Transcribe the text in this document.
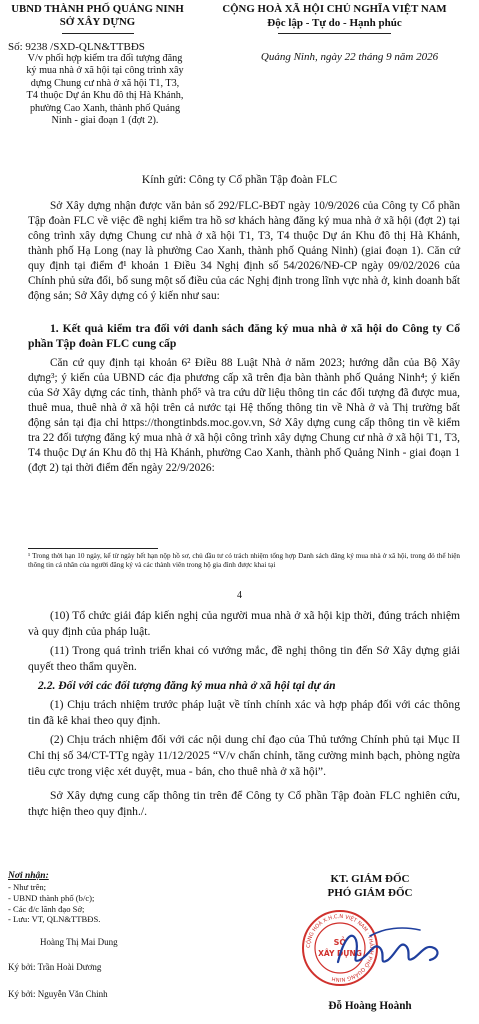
UBND THÀNH PHỐ QUẢNG NINH
SỞ XÂY DỰNG
CỘNG HOÀ XÃ HỘI CHỦ NGHĨA VIỆT NAM
Độc lập - Tự do - Hạnh phúc
Số: 9238 /SXD-QLN&TTBĐS
Quảng Ninh, ngày 22 tháng 9 năm 2026
V/v phối hợp kiểm tra đối tượng đăng
ký mua nhà ở xã hội tại công trình xây
dựng Chung cư nhà ở xã hội T1, T3,
T4 thuộc Dự án Khu đô thị Hà Khánh,
phường Cao Xanh, thành phố Quảng
Ninh - giai đoạn 1 (đợt 2).
Kính gửi: Công ty Cổ phần Tập đoàn FLC

Sở Xây dựng nhận được văn bản số 292/FLC-BĐT ngày 10/9/2026 của Công ty Cổ phần Tập đoàn FLC về việc đề nghị kiểm tra hồ sơ khách hàng đăng ký mua nhà ở xã hội (đợt 2) tại công trình xây dựng Chung cư nhà ở xã hội T1, T3, T4 thuộc Dự án Khu đô thị Hà Khánh, thành phố Hạ Long (nay là phường Cao Xanh, thành phố Quảng Ninh) (giai đoạn 1). Căn cứ quy định tại điểm đ¹ khoản 1 Điều 34 Nghị định số 54/2026/NĐ-CP ngày 09/02/2026 của Chính phủ sửa đổi, bổ sung một số điều của các Nghị định trong lĩnh vực nhà ở, kinh doanh bất động sản; Sở Xây dựng có ý kiến như sau:

1. Kết quả kiểm tra đối với danh sách đăng ký mua nhà ở xã hội do Công ty Cổ phần Tập đoàn FLC cung cấp

Căn cứ quy định tại khoản 6² Điều 88 Luật Nhà ở năm 2023; hướng dẫn của Bộ Xây dựng³; ý kiến của UBND các địa phương cấp xã trên địa bàn thành phố Quảng Ninh⁴; ý kiến của Sở Xây dựng các tỉnh, thành phố⁵ và tra cứu dữ liệu thông tin các đối tượng đã được mua, thuê mua, thuê nhà ở xã hội trên cả nước tại Hệ thống thông tin về Nhà ở và Thị trường bất động sản tại địa chỉ https://thongtinbds.moc.gov.vn, Sở Xây dựng cung cấp thông tin về kiểm tra 22 đối tượng đăng ký mua nhà ở xã hội công trình xây dựng Chung cư nhà ở xã hội T1, T3, T4 thuộc Dự án Khu đô thị Hà Khánh, phường Cao Xanh, thành phố Quảng Ninh - giai đoạn 1 (đợt 2) tại thời điểm đến ngày 22/9/2026:

¹ Trong thời hạn 10 ngày, kể từ ngày hết hạn nộp hồ sơ, chủ đầu tư có trách nhiệm tổng hợp Danh sách đăng ký mua nhà ở xã hội, trong đó thể hiện thông tin cá nhân của người đăng ký và các thành viên trong hộ gia đình được khai tại

4

(10) Tổ chức giải đáp kiến nghị của người mua nhà ở xã hội kịp thời, đúng trách nhiệm và quy định của pháp luật.

(11) Trong quá trình triển khai có vướng mắc, đề nghị thông tin đến Sở Xây dựng giải quyết theo thẩm quyền.

2.2. Đối với các đối tượng đăng ký mua nhà ở xã hội tại dự án

(1) Chịu trách nhiệm trước pháp luật về tính chính xác và hợp pháp đối với các thông tin đã kê khai theo quy định.

(2) Chịu trách nhiệm đối với các nội dung chỉ đạo của Thủ tướng Chính phủ tại Mục II Chỉ thị số 34/CT-TTg ngày 11/12/2025 “V/v chấn chỉnh, tăng cường minh bạch, phòng ngừa tiêu cực trong việc xét duyệt, mua - bán, cho thuê nhà ở xã hội”.

Sở Xây dựng cung cấp thông tin trên để Công ty Cổ phần Tập đoàn FLC nghiên cứu, thực hiện theo quy định./.

Nơi nhận:
- Như trên;
- UBND thành phố (b/c);
- Các đ/c lãnh đạo Sở;
- Lưu: VT, QLN&TTBĐS.
Hoàng Thị Mai Dung
Ký bởi: Trần Hoài Dương
Ký bởi: Nguyễn Văn Chinh
KT. GIÁM ĐỐC
PHÓ GIÁM ĐỐC
CỘNG HOÀ X.H.C.N VIỆT NAM · THÀNH PHỐ QUẢNG NINH
SỞ
XÂY DỰNG
Đỗ Hoàng Hoành
